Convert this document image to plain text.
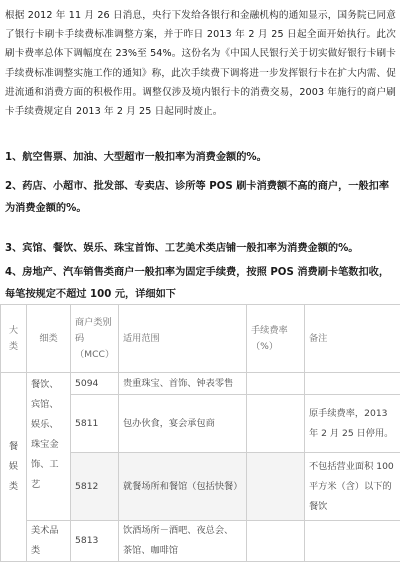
根据 2012 年 11 月 26 日消息，央行下发给各银行和金融机构的通知显示，国务院已同意了银行卡刷卡手续费标准调整方案，并于昨日 2013 年 2 月 25 日起全面开始执行。此次刷卡费率总体下调幅度在 23%至 54%。这份名为《中国人民银行关于切实做好银行卡刷卡手续费标准调整实施工作的通知》称，此次手续费下调将进一步发挥银行卡在扩大内需、促进流通和消费方面的积极作用。调整仅涉及境内银行卡的消费交易，2003 年施行的商户刷卡手续费规定自 2013 年 2 月 25 日起同时废止。

1、航空售票、加油、大型超市一般扣率为消费金额的%。

2、药店、小超市、批发部、专卖店、诊所等 POS 刷卡消费额不高的商户，一般扣率为消费金额的%。

3、宾馆、餐饮、娱乐、珠宝首饰、工艺美术类店铺一般扣率为消费金额的%。

4、房地产、汽车销售类商户一般扣率为固定手续费，按照 POS 消费刷卡笔数扣收，每笔按规定不超过 100 元，详细如下

大类	细类	商户类别码（MCC）	适用范围	手续费率（%）	备注
餐娱类	餐饮、宾馆、娱乐、珠宝金饰、工艺	5094	贵重珠宝、首饰、钟表零售		
		5811	包办伙食，宴会承包商		原手续费率，2013 年 2 月 25 日停用。
		5812	就餐场所和餐馆（包括快餐）		不包括营业面积 100 平方米（含）以下的餐饮
	美术品类	5813	饮酒场所－酒吧、夜总会、茶馆、咖啡馆		
